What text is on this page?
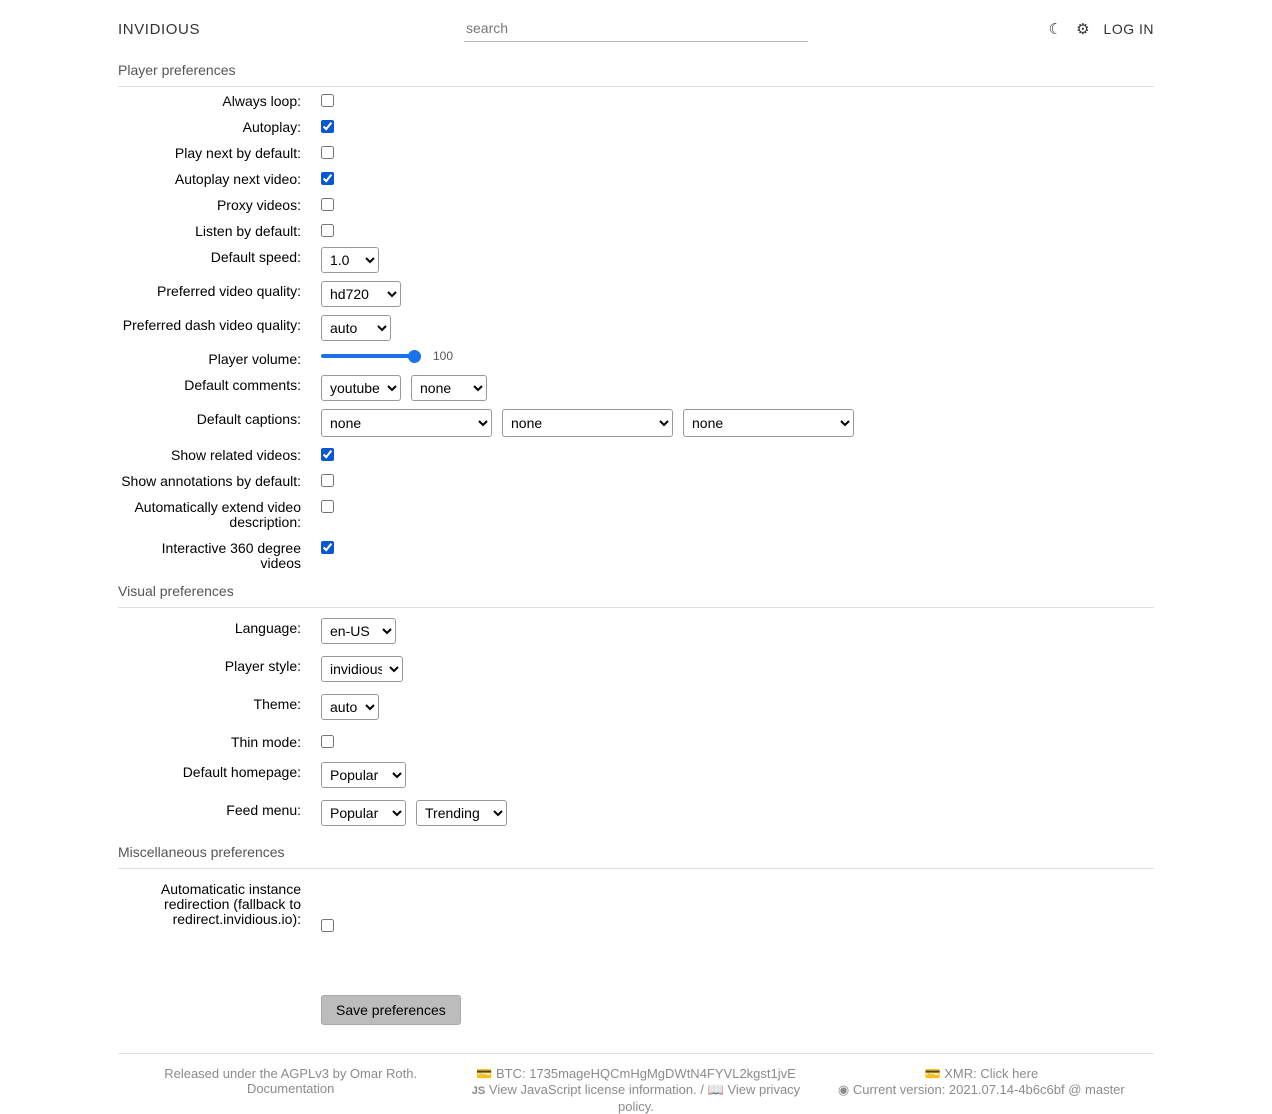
INVIDIOUS
search	☾ ⚙ LOG IN
Player preferences
Always loop:
Autoplay:
Play next by default:
Autoplay next video:
Proxy videos:
Listen by default:
Default speed:
1.0
Preferred video quality:
hd720
Preferred dash video quality:
auto
Player volume:	100
Default comments:
youtube
none
Default captions:
none
none
none
Show related videos:
Show annotations by default:
Automatically extend video description:
Interactive 360 degree videos
Visual preferences
Language:
en-US
Player style:
invidious
Theme:
auto
Thin mode:
Default homepage:
Popular
Feed menu:
Popular
Trending
Miscellaneous preferences
Automaticatic instance redirection (fallback to redirect.invidious.io):
Save preferences
Released under the AGPLv3 by Omar Roth.
Documentation
💳 BTC: 1735mageHQCmHgMgDWtN4FYVL2kgst1jvE
JS View JavaScript license information. / 📖 View privacy policy.
💳 XMR: Click here
◉ Current version: 2021.07.14-4b6c6bf @ master
